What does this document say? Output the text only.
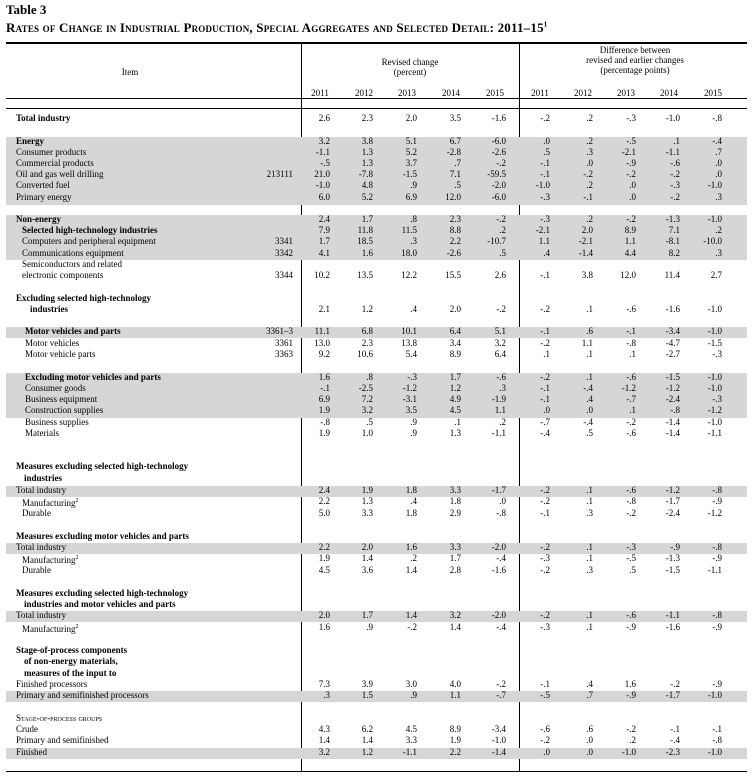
Table 3
Rates of Change in Industrial Production, Special Aggregates and Selected Detail: $2011-15^1$
Item
Revised change
(percent)
Difference between
revised and earlier changes
(percentage points)
2011	2012	2013	2014	2015	2011	2012	2013	2014	2015
Total industry	2.6	2.3	2.0	3.5	-1.6	-.2	.2	-.3	-1.0	-.8
Energy	3.2	3.8	5.1	6.7	-6.0	.0	.2	-.5	.1	-.4
Consumer products	-1.1	1.3	5.2	-2.8	-2.6	.5	.3	-2.1	-1.1	.7
Commercial products	-.5	1.3	3.7	.7	-.2	-.1	.0	-.9	-.6	.0
Oil and gas well drilling	213111	21.0	-7.8	-1.5	7.1	-59.5	-.1	-.2	-.2	-.2	.0
Converted fuel	-1.0	4.8	.9	.5	-2.0	-1.0	.2	.0	-.3	-1.0
Primary energy	6.0	5.2	6.9	12.0	-6.0	-.3	-.1	.0	-.2	.3
Non-energy	2.4	1.7	.8	2.3	-.2	-.3	.2	-.2	-1.3	-1.0
Selected high-technology industries	7.9	11.8	11.5	8.8	.2	-2.1	2.0	8.9	7.1	.2
Computers and peripheral equipment	3341	1.7	18.5	.3	2.2	-10.7	1.1	-2.1	1.1	-8.1	-10.0
Communications equipment	3342	4.1	1.6	18.0	-2.6	.5	.4	-1.4	4.4	8.2	.3
Semiconductors and related
electronic components	3344	10.2	13.5	12.2	15.5	2.6	-.1	3.8	12.0	11.4	2.7
Excluding selected high-technology
industries	2.1	1.2	.4	2.0	-.2	-.2	.1	-.6	-1.6	-1.0
Motor vehicles and parts	3361–3	11.1	6.8	10.1	6.4	5.1	-.1	.6	-.1	-3.4	-1.0
Motor vehicles	3361	13.0	2.3	13.8	3.4	3.2	-.2	1.1	-.8	-4.7	-1.5
Motor vehicle parts	3363	9.2	10.6	5.4	8.9	6.4	.1	.1	.1	-2.7	-.3
Excluding motor vehicles and parts	1.6	.8	-.3	1.7	-.6	-.2	.1	-.6	-1.5	-1.0
Consumer goods	-.1	-2.5	-1.2	1.2	.3	-.1	-.4	-1.2	-1.2	-1.0
Business equipment	6.9	7.2	-3.1	4.9	-1.9	-.1	.4	-.7	-2.4	-.3
Construction supplies	1.9	3.2	3.5	4.5	1.1	.0	.0	.1	-.8	-1.2
Business supplies	-.8	.5	.9	.1	.2	-.7	-.4	-.2	-1.4	-1.0
Materials	1.9	1.0	.9	1.3	-1.1	-.4	.5	-.6	-1.4	-1.1
Measures excluding selected high-technology
industries
Total industry	2.4	1.9	1.8	3.3	-1.7	-.2	.1	-.6	-1.2	-.8
Manufacturing$^2$	2.2	1.3	.4	1.8	.0	-.2	.1	-.8	-1.7	-.9
Durable	5.0	3.3	1.8	2.9	-.8	-.1	.3	-.2	-2.4	-1.2
Measures excluding motor vehicles and parts
Total industry	2.2	2.0	1.6	3.3	-2.0	-.2	.1	-.3	-.9	-.8
Manufacturing$^2$	1.9	1.4	.2	1.7	-.4	-.3	.1	-.5	-1.3	-.9
Durable	4.5	3.6	1.4	2.8	-1.6	-.2	.3	.5	-1.5	-1.1
Measures excluding selected high-technology
industries and motor vehicles and parts
Total industry	2.0	1.7	1.4	3.2	-2.0	-.2	.1	-.6	-1.1	-.8
Manufacturing$^2$	1.6	.9	-.2	1.4	-.4	-.3	.1	-.9	-1.6	-.9
Stage-of-process components
of non-energy materials,
measures of the input to
Finished processors	7.3	3.9	3.0	4.0	-.2	-.1	.4	1.6	-.2	-.9
Primary and semifinished processors	.3	1.5	.9	1.1	-.7	-.5	.7	-.9	-1.7	-1.0
Stage-of-process groups
Crude	4.3	6.2	4.5	8.9	-3.4	-.6	.6	-.2	-.1	-.1
Primary and semifinished	1.4	1.4	3.3	1.9	-1.0	-.2	.0	.2	-.4	-.8
Finished	3.2	1.2	-1.1	2.2	-1.4	.0	.0	-1.0	-2.3	-1.0
